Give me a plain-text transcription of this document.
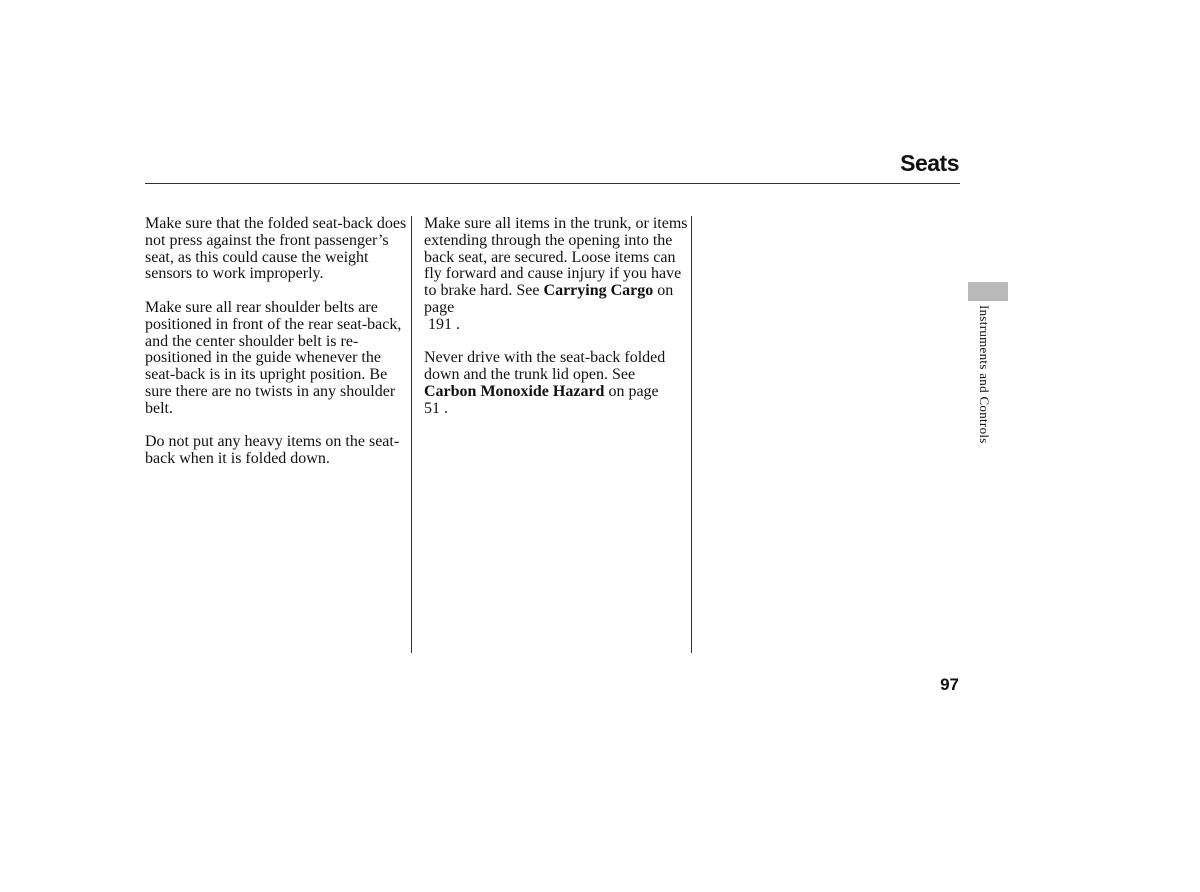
Seats

Make sure that the folded seat-back does not press against the front passenger’s seat, as this could cause the weight sensors to work improperly.

Make sure all rear shoulder belts are positioned in front of the rear seat-back, and the center shoulder belt is re-positioned in the guide whenever the seat-back is in its upright position. Be sure there are no twists in any shoulder belt.

Do not put any heavy items on the seat-back when it is folded down.

Make sure all items in the trunk, or items extending through the opening into the back seat, are secured. Loose items can fly forward and cause injury if you have to brake hard. See Carrying Cargo on page
191 .

Never drive with the seat-back folded down and the trunk lid open. See Carbon Monoxide Hazard on page
51 .	Instruments and Controls
97
